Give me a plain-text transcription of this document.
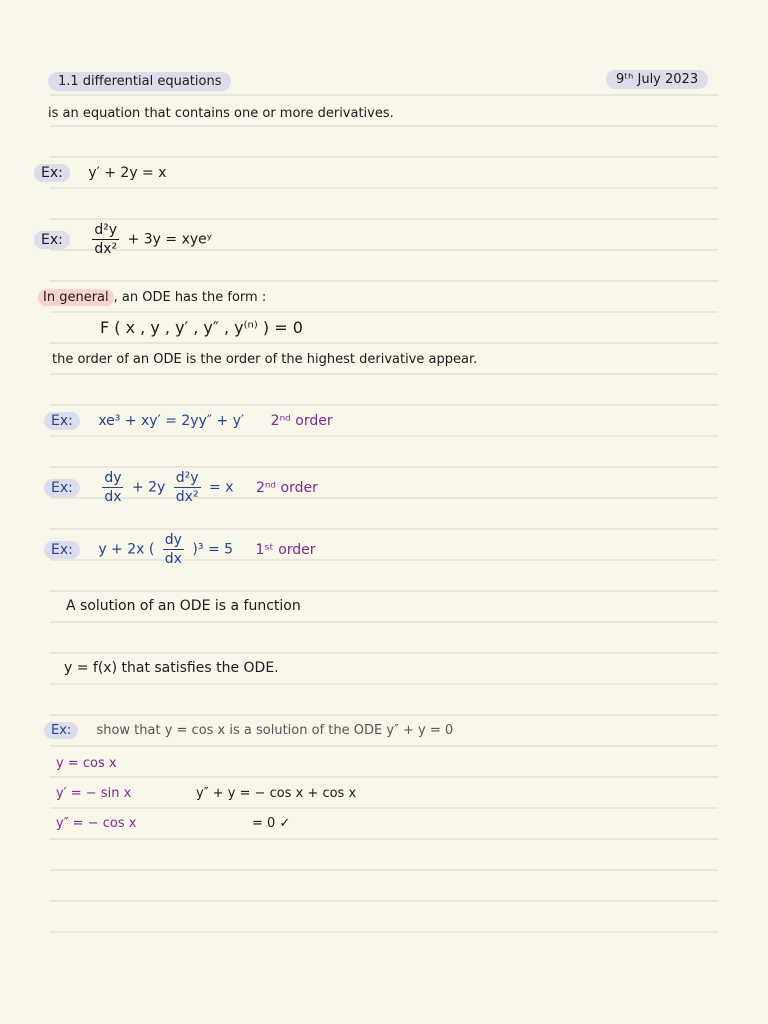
1.1 differential equations	9ᵗʰ July 2023
is an equation that contains one or more derivatives.
Ex: y′ + 2y = x
Ex: $\frac{\text{d²y}}{\text{dx²}} + 3y$ = xyeʸ
In general , an ODE has the form :
F ( x , y , y′ , y″ , y⁽ⁿ⁾ ) = 0
the order of an ODE is the order of the highest derivative appear.
Ex: xe³ + xy′ = 2yy″ + y′ 2ⁿᵈ order
Ex: $\frac{dy}{dx} + 2y \frac{\text{d²y}}{\text{dx²}} = x$ 2ⁿᵈ order
Ex: y + 2x ( $\frac{dy}{dx} )^3 = 5$ 1ˢᵗ order
A solution of an ODE is a function
y = f(x) that satisfies the ODE.
Ex: show that y = cos x is a solution of the ODE y″ + y = 0
y = cos x
y′ = − sin x
y″ = − cos x
y″ + y = − cos x + cos x
= 0 ✓
